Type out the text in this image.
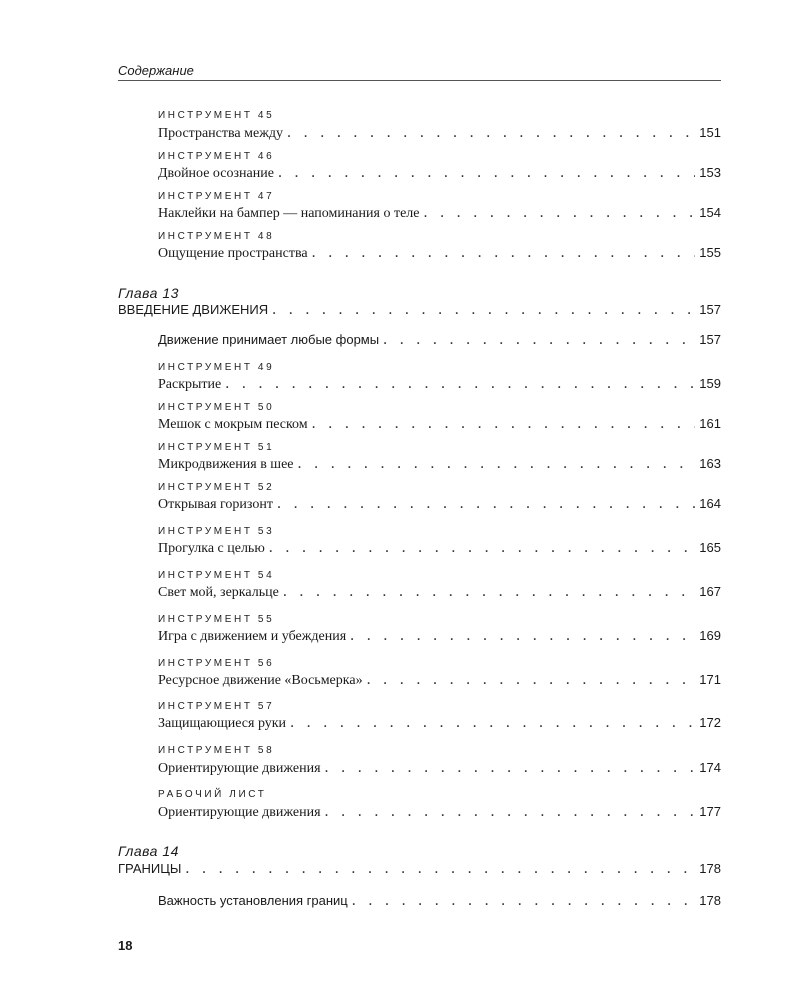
Содержание
ИНСТРУМЕНТ 45
Пространства между . . .	151
ИНСТРУМЕНТ 46
Двойное осознание . . .	153
ИНСТРУМЕНТ 47
Наклейки на бампер — напоминания о теле . . .	154
ИНСТРУМЕНТ 48
Ощущение пространства . . .	155
Глава 13
ВВЕДЕНИЕ ДВИЖЕНИЯ . . .	157
Движение принимает любые формы . . .	157
ИНСТРУМЕНТ 49
Раскрытие . . .	159
ИНСТРУМЕНТ 50
Мешок с мокрым песком . . .	161
ИНСТРУМЕНТ 51
Микродвижения в шее . . .	163
ИНСТРУМЕНТ 52
Открывая горизонт . . .	164
ИНСТРУМЕНТ 53
Прогулка с целью . . .	165
ИНСТРУМЕНТ 54
Свет мой, зеркальце . . .	167
ИНСТРУМЕНТ 55
Игра с движением и убеждения . . .	169
ИНСТРУМЕНТ 56
Ресурсное движение «Восьмерка» . . .	171
ИНСТРУМЕНТ 57
Защищающиеся руки . . .	172
ИНСТРУМЕНТ 58
Ориентирующие движения . . .	174
РАБОЧИЙ ЛИСТ
Ориентирующие движения . . .	177
Глава 14
ГРАНИЦЫ . . .	178
Важность установления границ . . .	178
18
